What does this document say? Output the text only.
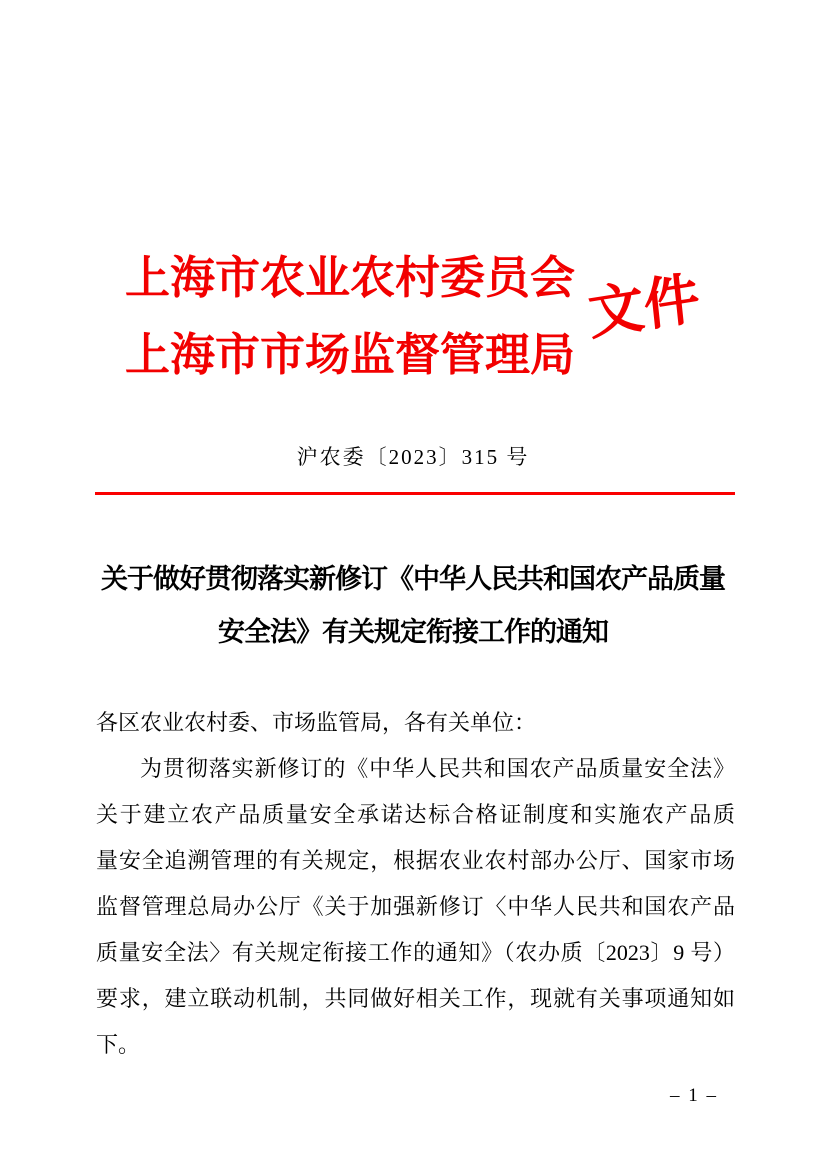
上海市农业农村委员会
上海市市场监督管理局
文件
沪农委〔2023〕315 号
关于做好贯彻落实新修订《中华人民共和国农产品质量
安全法》有关规定衔接工作的通知
各区农业农村委、市场监管局，各有关单位：
为贯彻落实新修订的《中华人民共和国农产品质量安全法》
关于建立农产品质量安全承诺达标合格证制度和实施农产品质
量安全追溯管理的有关规定，根据农业农村部办公厅、国家市场
监督管理总局办公厅《关于加强新修订〈中华人民共和国农产品
质量安全法〉有关规定衔接工作的通知》（农办质〔2023〕9 号）
要求，建立联动机制，共同做好相关工作，现就有关事项通知如
下。
– 1 –
